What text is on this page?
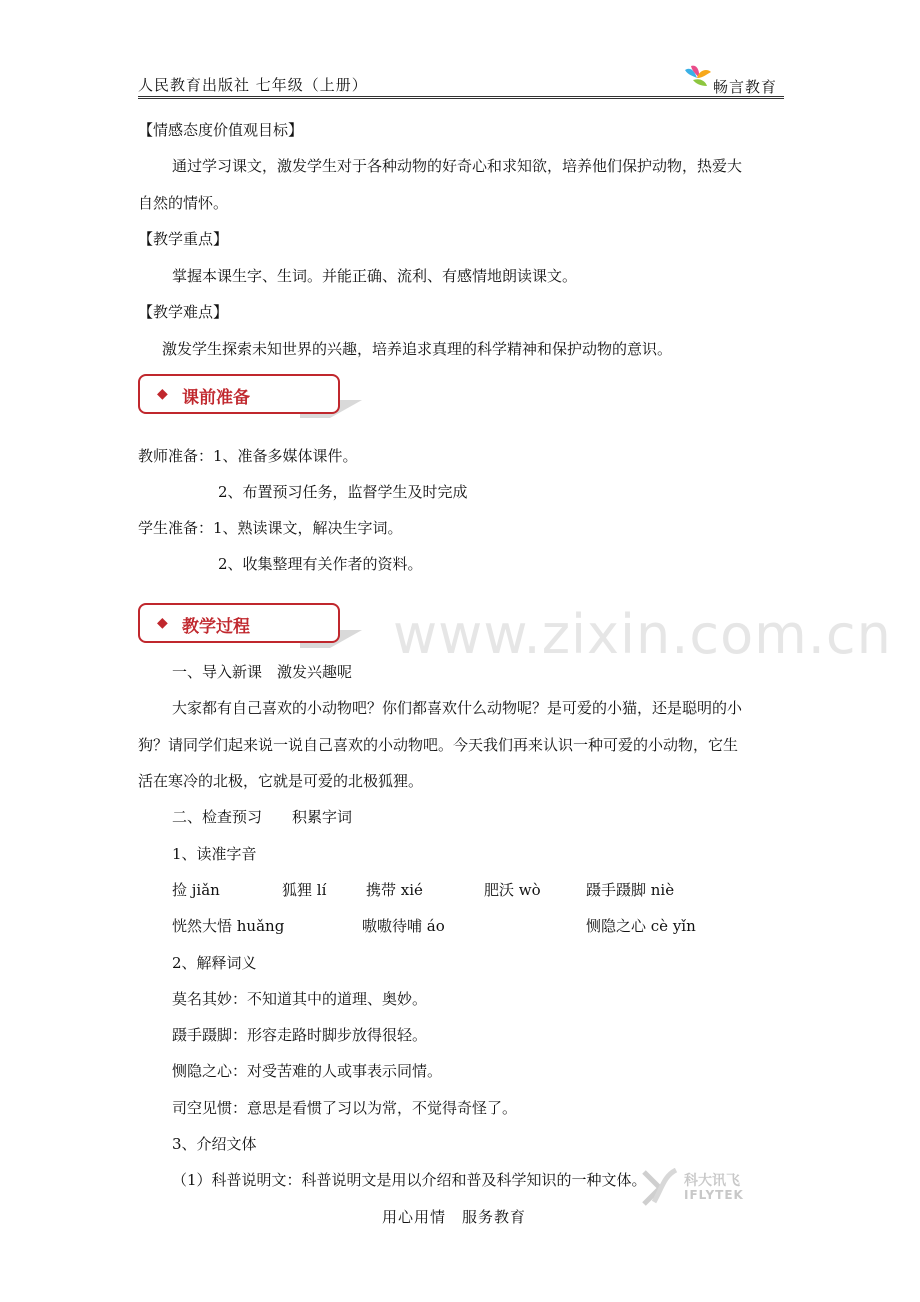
人民教育出版社 七年级（上册）	畅言教育
www.zixin.com.cn
【情感态度价值观目标】
通过学习课文，激发学生对于各种动物的好奇心和求知欲，培养他们保护动物，热爱大
自然的情怀。
【教学重点】
掌握本课生字、生词。并能正确、流利、有感情地朗读课文。
【教学难点】
激发学生探索未知世界的兴趣，培养追求真理的科学精神和保护动物的意识。
◆ 课前准备
教师准备：1、准备多媒体课件。
2、布置预习任务，监督学生及时完成
学生准备：1、熟读课文，解决生字词。
2、收集整理有关作者的资料。
◆ 教学过程
一、导入新课　激发兴趣呢
大家都有自己喜欢的小动物吧？你们都喜欢什么动物呢？是可爱的小猫，还是聪明的小
狗？请同学们起来说一说自己喜欢的小动物吧。今天我们再来认识一种可爱的小动物，它生
活在寒冷的北极，它就是可爱的北极狐狸。
二、检查预习　　积累字词
1、读准字音
捡 jiǎn	狐狸 lí	携带 xié	肥沃 wò	蹑手蹑脚 niè
恍然大悟 huǎng	嗷嗷待哺 áo	恻隐之心 cè yǐn
2、解释词义
莫名其妙：不知道其中的道理、奥妙。
蹑手蹑脚：形容走路时脚步放得很轻。
恻隐之心：对受苦难的人或事表示同情。
司空见惯：意思是看惯了习以为常，不觉得奇怪了。
3、介绍文体
（1）科普说明文：科普说明文是用以介绍和普及科学知识的一种文体。	科大讯飞
IFLYTEK
用心用情　服务教育
